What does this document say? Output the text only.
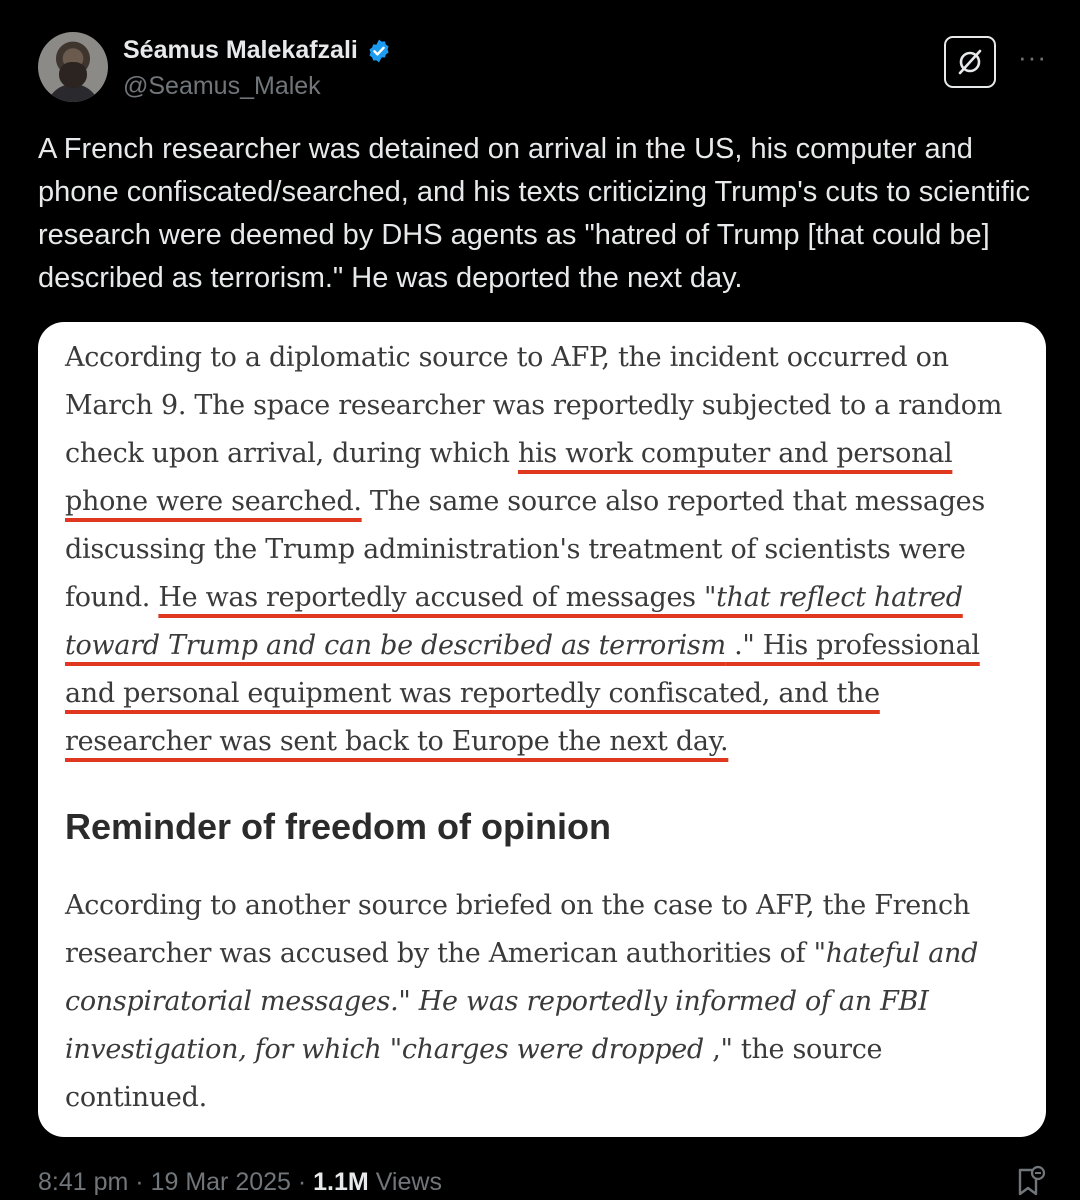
Séamus Malekafzali
@Seamus_Malek
···

A French researcher was detained on arrival in the US, his computer and phone confiscated/searched, and his texts criticizing Trump's cuts to scientific research were deemed by DHS agents as "hatred of Trump [that could be] described as terrorism." He was deported the next day.

According to a diplomatic source to AFP, the incident occurred on
March 9. The space researcher was reportedly subjected to a random
check upon arrival, during which his work computer and personal
phone were searched. The same source also reported that messages
discussing the Trump administration's treatment of scientists were
found. He was reportedly accused of messages "that reflect hatred
toward Trump and can be described as terrorism ." His professional
and personal equipment was reportedly confiscated, and the
researcher was sent back to Europe the next day.

Reminder of freedom of opinion

According to another source briefed on the case to AFP, the French
researcher was accused by the American authorities of "hateful and
conspiratorial messages." He was reportedly informed of an FBI
investigation, for which "charges were dropped ," the source
continued.

8:41 pm · 19 Mar 2025 · 1.1M Views
